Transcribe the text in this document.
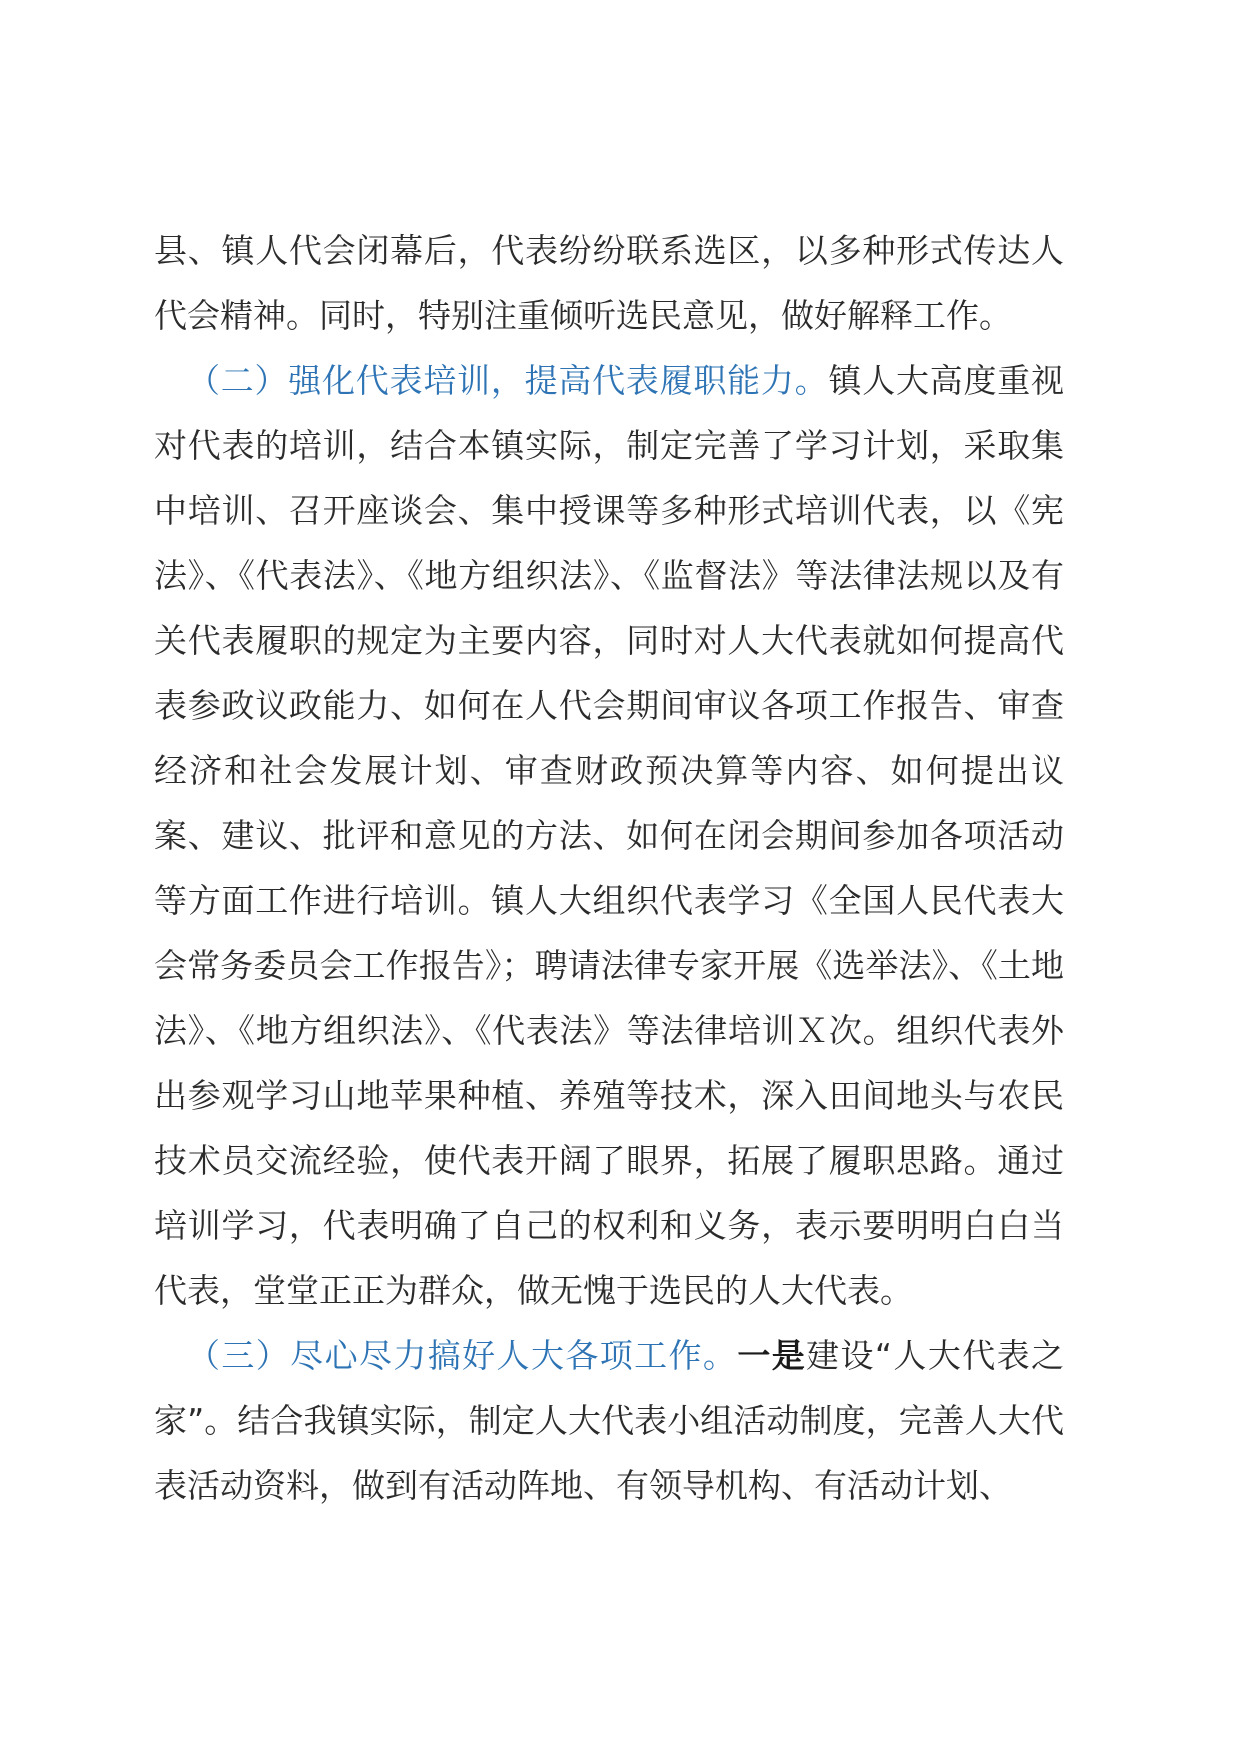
县、镇人代会闭幕后，代表纷纷联系选区，以多种形式传达人代会精神。同时，特别注重倾听选民意见，做好解释工作。

（二）强化代表培训，提高代表履职能力。镇人大高度重视对代表的培训，结合本镇实际，制定完善了学习计划，采取集中培训、召开座谈会、集中授课等多种形式培训代表，以《宪法》、《代表法》、《地方组织法》、《监督法》等法律法规以及有关代表履职的规定为主要内容，同时对人大代表就如何提高代表参政议政能力、如何在人代会期间审议各项工作报告、审查经济和社会发展计划、审查财政预决算等内容、如何提出议案、建议、批评和意见的方法、如何在闭会期间参加各项活动等方面工作进行培训。镇人大组织代表学习《全国人民代表大会常务委员会工作报告》；聘请法律专家开展《选举法》、《土地法》、《地方组织法》、《代表法》等法律培训Ｘ次。组织代表外出参观学习山地苹果种植、养殖等技术，深入田间地头与农民技术员交流经验，使代表开阔了眼界，拓展了履职思路。通过培训学习，代表明确了自己的权利和义务，表示要明明白白当代表，堂堂正正为群众，做无愧于选民的人大代表。

（三）尽心尽力搞好人大各项工作。一是建设“人大代表之家”。结合我镇实际，制定人大代表小组活动制度，完善人大代表活动资料，做到有活动阵地、有领导机构、有活动计划、
